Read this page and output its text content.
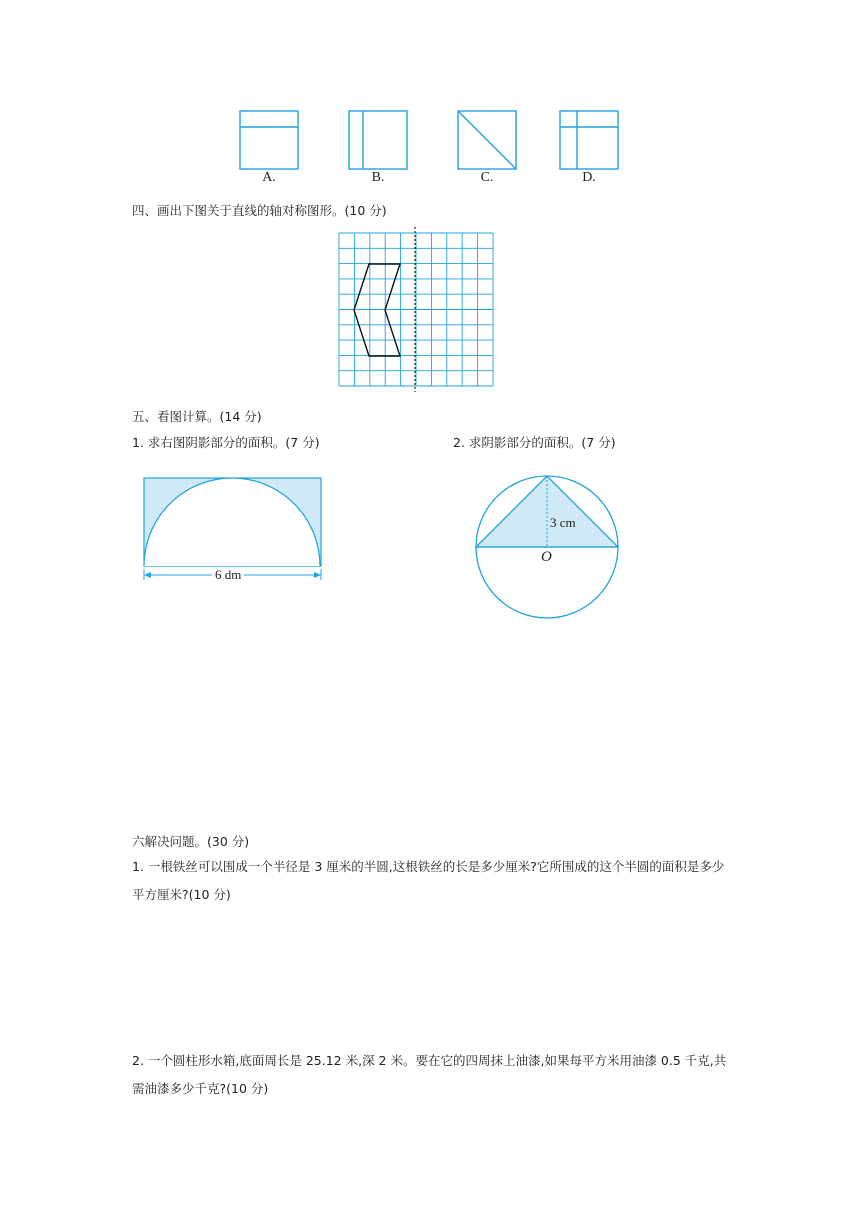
A.	B.	C.	D.
四、画出下图关于直线的轴对称图形。(10 分)
五、看图计算。(14 分)
1. 求右图阴影部分的面积。(7 分)	2. 求阴影部分的面积。(7 分)
6 dm
3 cm
O
六解决问题。(30 分)
1. 一根铁丝可以围成一个半径是 3 厘米的半圆,这根铁丝的长是多少厘米?它所围成的这个半圆的面积是多少平方厘米?(10 分)
2. 一个圆柱形水箱,底面周长是 25.12 米,深 2 米。要在它的四周抹上油漆,如果每平方米用油漆 0.5 千克,共需油漆多少千克?(10 分)
